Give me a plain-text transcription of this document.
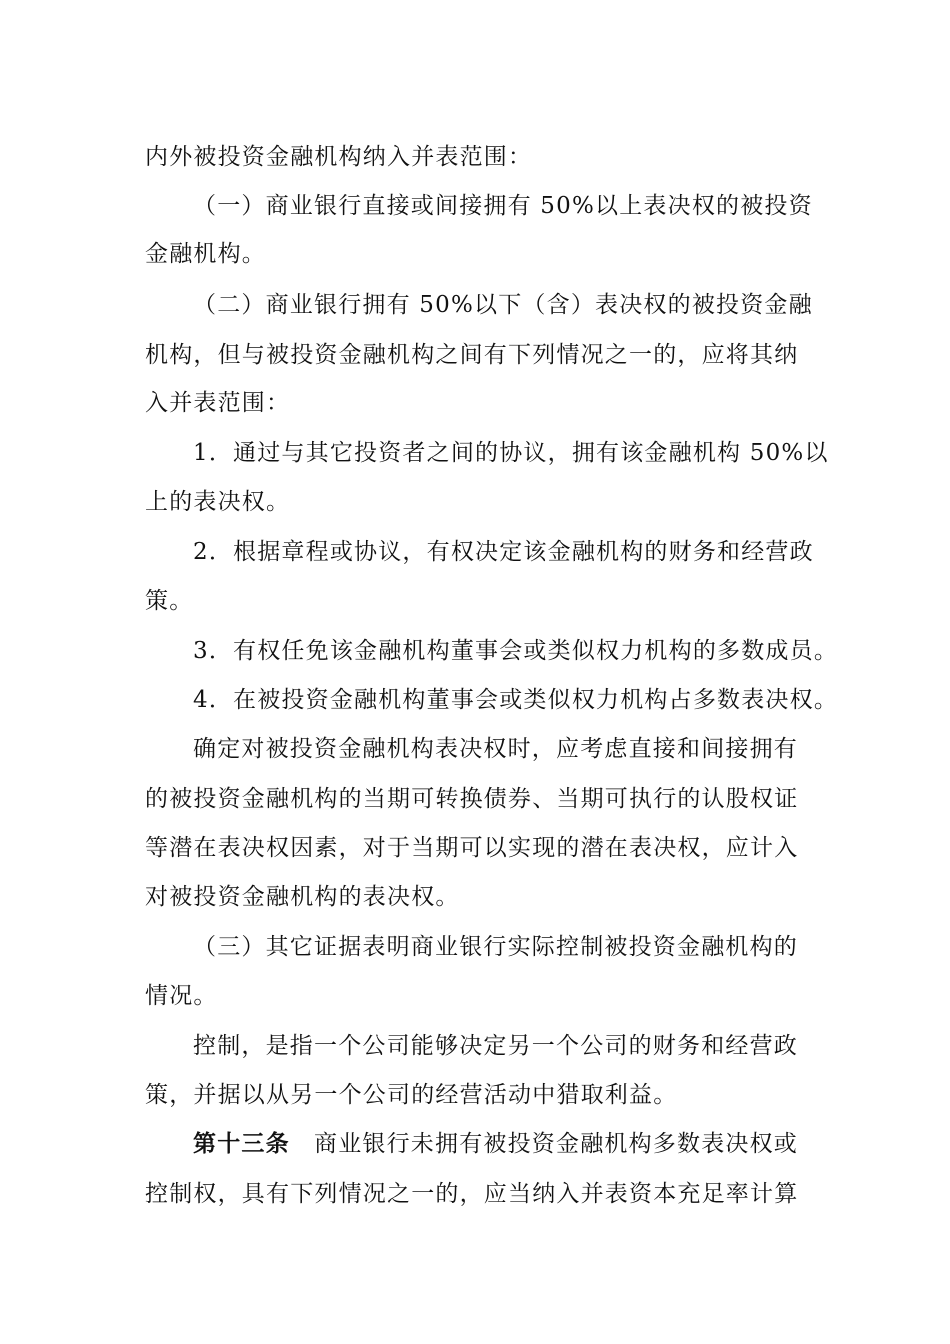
内外被投资金融机构纳入并表范围：
（一）商业银行直接或间接拥有 50%以上表决权的被投资
金融机构。
（二）商业银行拥有 50%以下（含）表决权的被投资金融
机构，但与被投资金融机构之间有下列情况之一的，应将其纳
入并表范围：
1．通过与其它投资者之间的协议，拥有该金融机构 50%以
上的表决权。
2．根据章程或协议，有权决定该金融机构的财务和经营政
策。
3．有权任免该金融机构董事会或类似权力机构的多数成员。
4．在被投资金融机构董事会或类似权力机构占多数表决权。
确定对被投资金融机构表决权时，应考虑直接和间接拥有
的被投资金融机构的当期可转换债券、当期可执行的认股权证
等潜在表决权因素，对于当期可以实现的潜在表决权，应计入
对被投资金融机构的表决权。
（三）其它证据表明商业银行实际控制被投资金融机构的
情况。
控制，是指一个公司能够决定另一个公司的财务和经营政
策，并据以从另一个公司的经营活动中猎取利益。
第十三条　商业银行未拥有被投资金融机构多数表决权或
控制权，具有下列情况之一的，应当纳入并表资本充足率计算
